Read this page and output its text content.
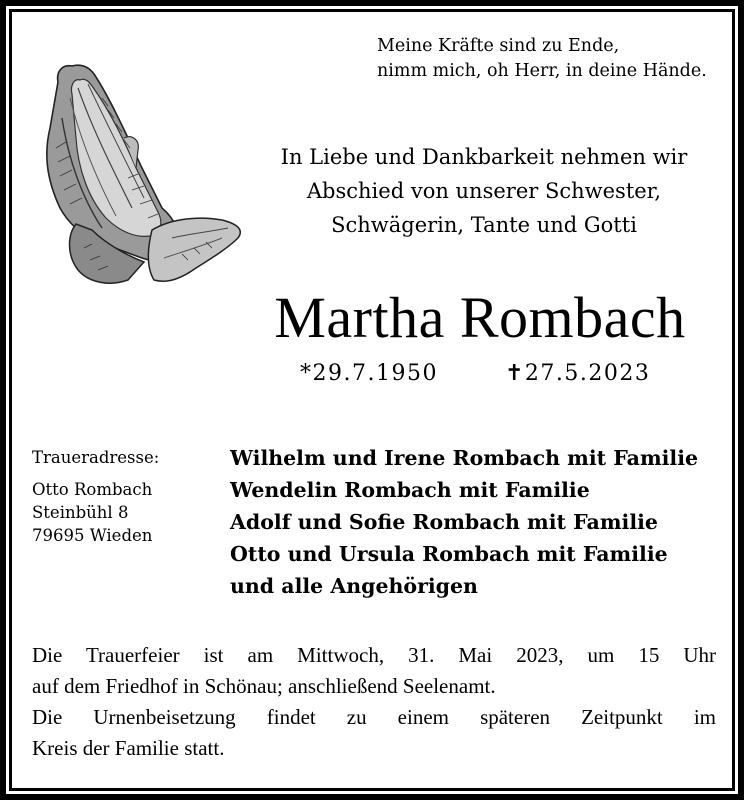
Meine Kräfte sind zu Ende,
nimm mich, oh Herr, in deine Hände.
In Liebe und Dankbarkeit nehmen wir
Abschied von unserer Schwester,
Schwägerin, Tante und Gotti
Martha Rombach
*29.7.1950	✝27.5.2023
Traueradresse:
Otto Rombach
Steinbühl 8
79695 Wieden
Wilhelm und Irene Rombach mit Familie
Wendelin Rombach mit Familie
Adolf und Sofie Rombach mit Familie
Otto und Ursula Rombach mit Familie
und alle Angehörigen
Die Trauerfeier ist am Mittwoch, 31. Mai 2023, um 15 Uhr
auf dem Friedhof in Schönau; anschließend Seelenamt.
Die Urnenbeisetzung findet zu einem späteren Zeitpunkt im
Kreis der Familie statt.
